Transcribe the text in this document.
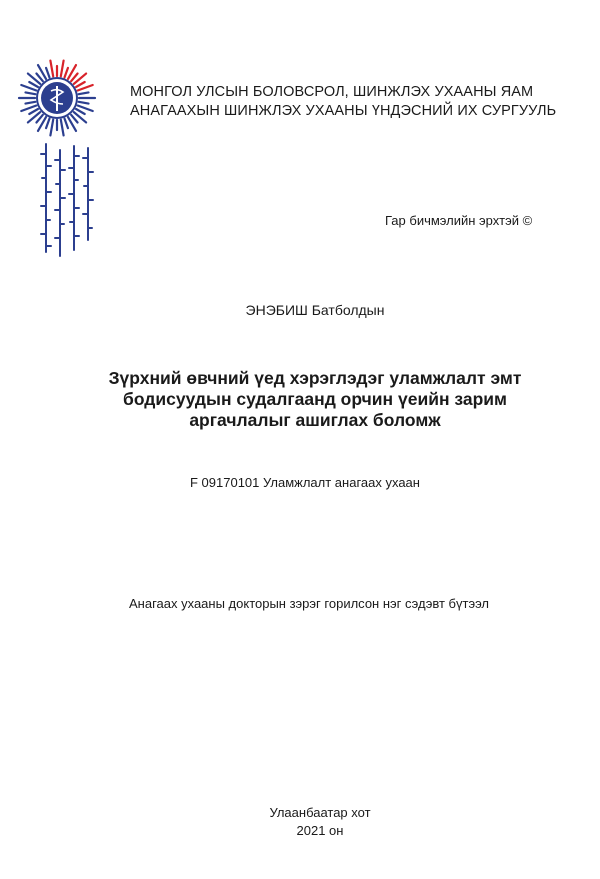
МОНГОЛ УЛСЫН БОЛОВСРОЛ, ШИНЖЛЭХ УХААНЫ ЯАМ
АНАГААХЫН ШИНЖЛЭХ УХААНЫ ҮНДЭСНИЙ ИХ СУРГУУЛЬ
Гар бичмэлийн эрхтэй ©
ЭНЭБИШ Батболдын
Зүрхний өвчний үед хэрэглэдэг уламжлалт эмт
бодисуудын судалгаанд орчин үеийн зарим
аргачлалыг ашиглах боломж
F 09170101 Уламжлалт анагаах ухаан
Анагаах ухааны докторын зэрэг горилсон нэг сэдэвт бүтээл
Улаанбаатар хот
2021 он
